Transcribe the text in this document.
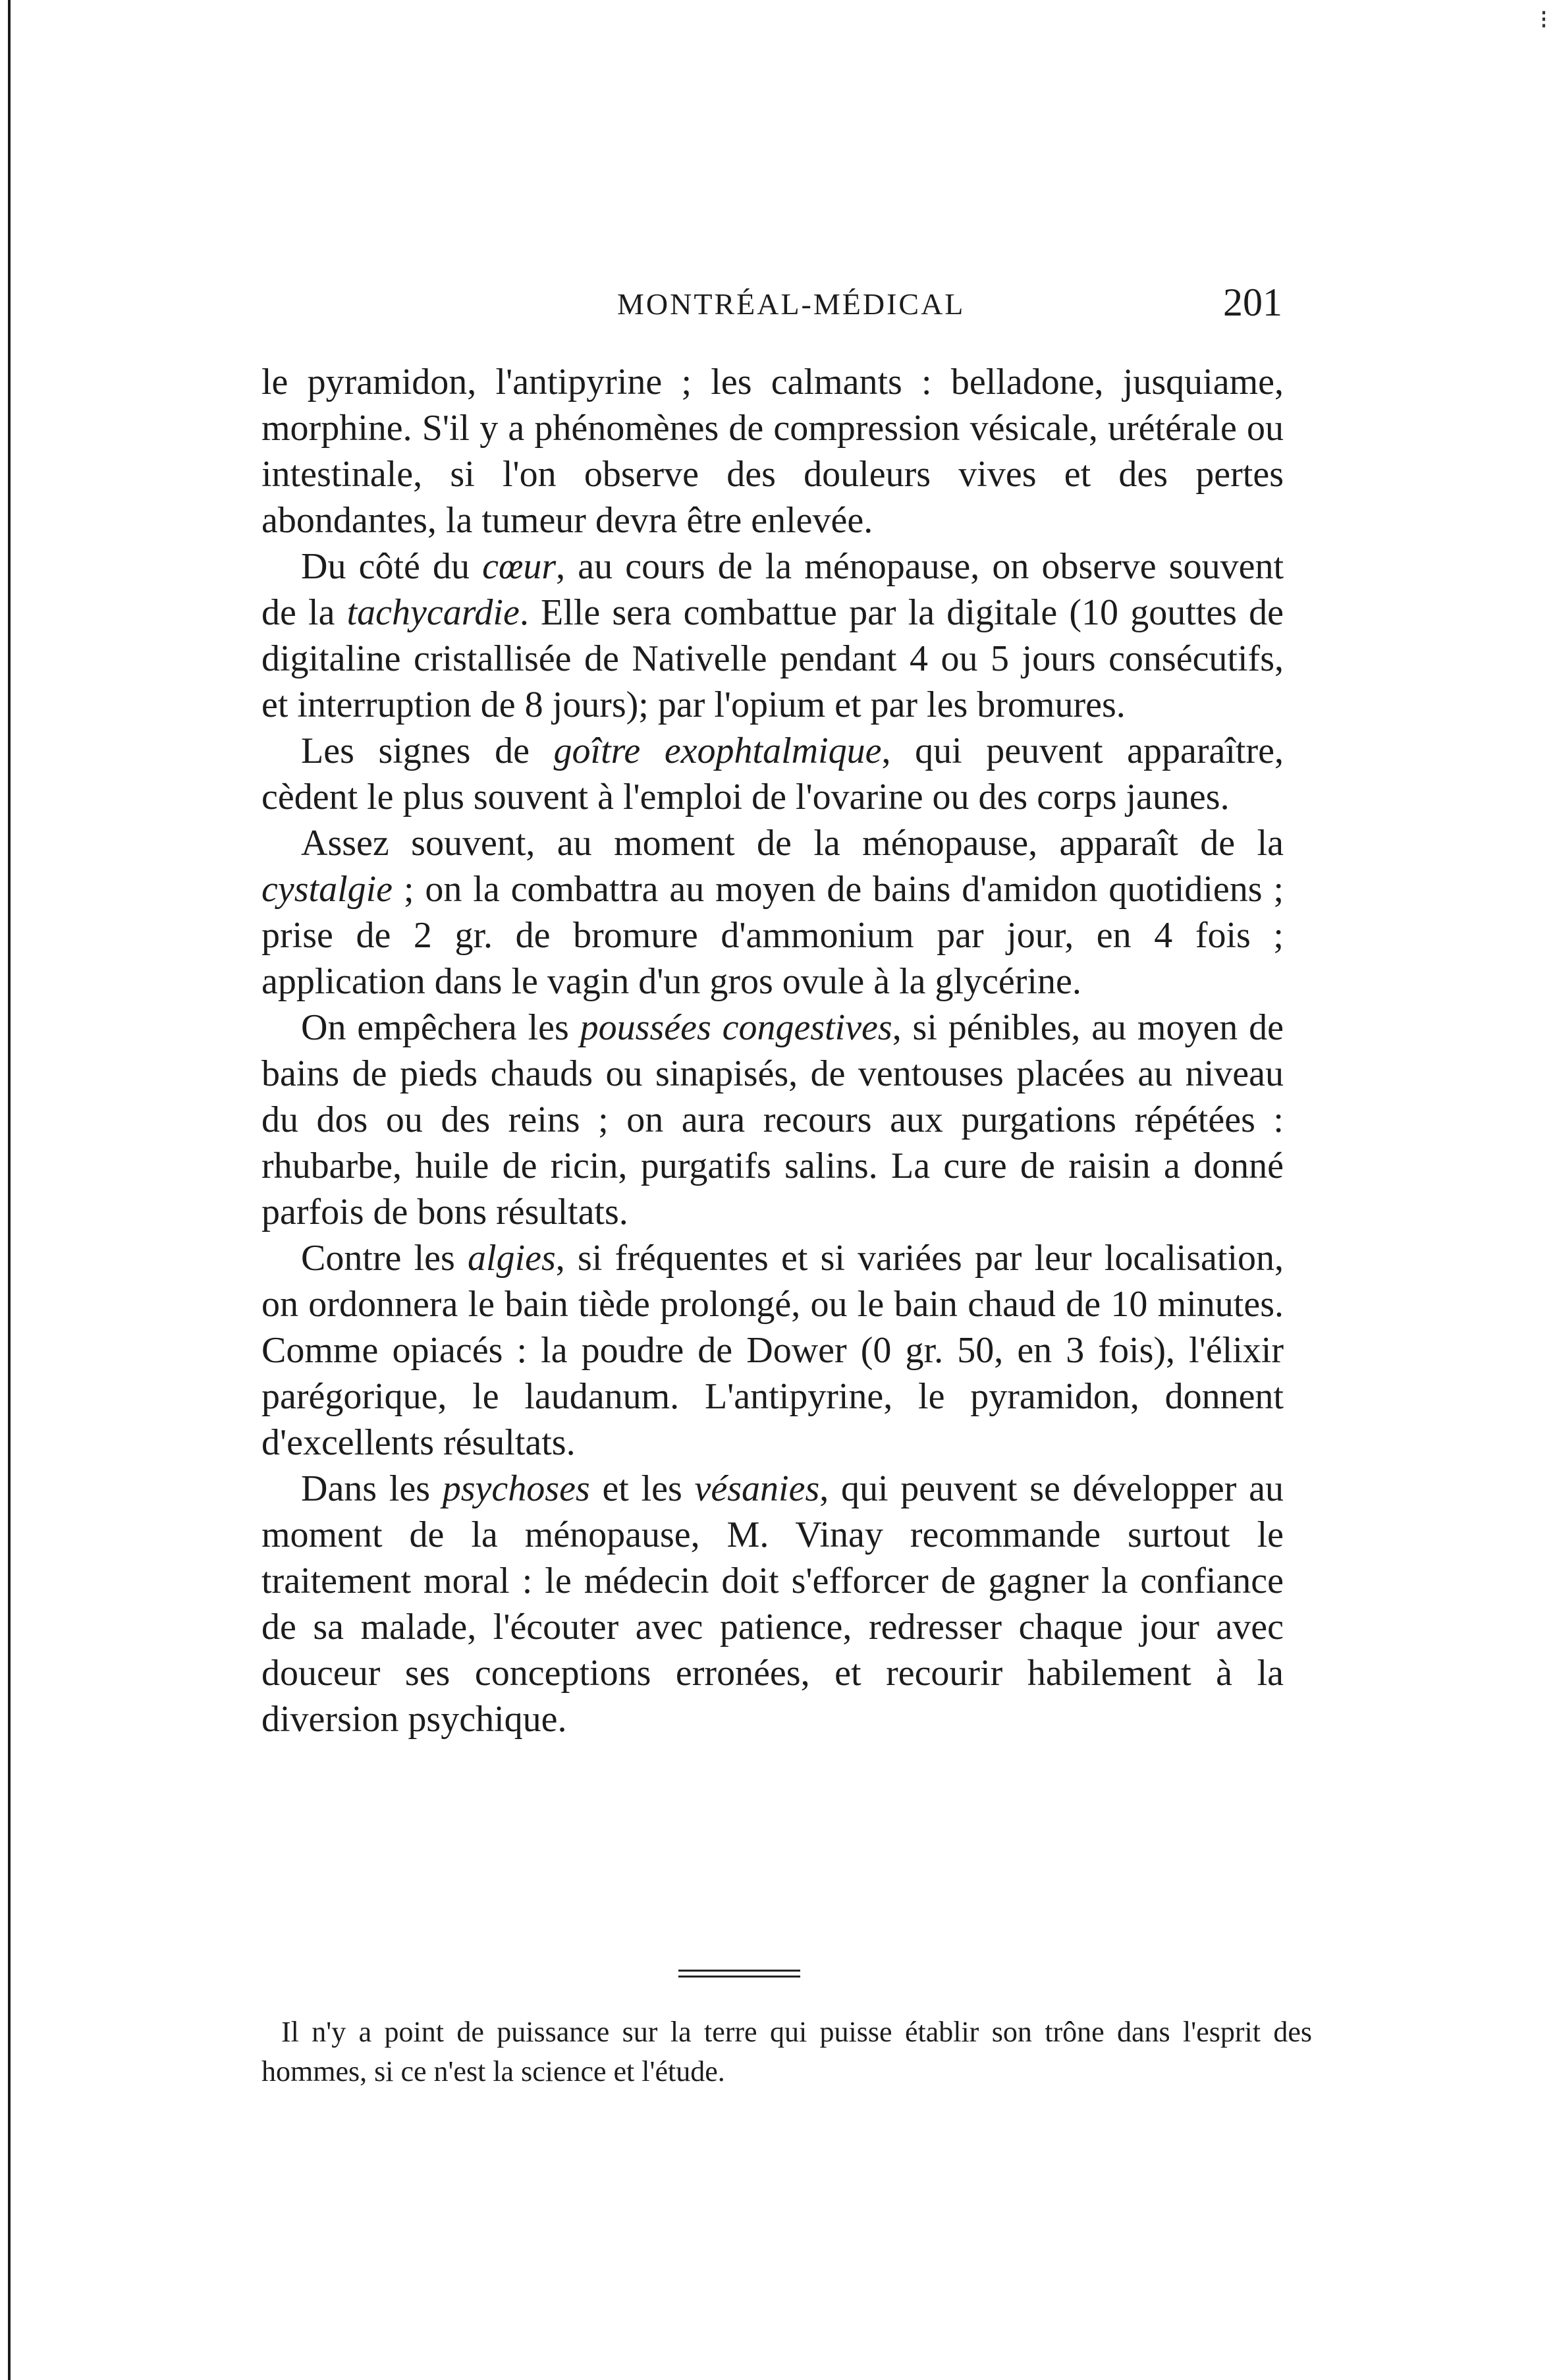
⁝
MONTRÉAL-MÉDICAL	201

le pyramidon, l'antipyrine ; les calmants : belladone, jusquiame, morphine. S'il y a phénomènes de compression vésicale, urétérale ou intestinale, si l'on observe des douleurs vives et des pertes abondantes, la tumeur devra être enlevée.

Du côté du cœur, au cours de la ménopause, on observe souvent de la tachycardie. Elle sera combattue par la digitale (10 gouttes de digitaline cristallisée de Nativelle pendant 4 ou 5 jours consécutifs, et interruption de 8 jours); par l'opium et par les bromures.

Les signes de goître exophtalmique, qui peuvent apparaître, cèdent le plus souvent à l'emploi de l'ovarine ou des corps jaunes.

Assez souvent, au moment de la ménopause, apparaît de la cystalgie ; on la combattra au moyen de bains d'amidon quotidiens ; prise de 2 gr. de bromure d'ammonium par jour, en 4 fois ; application dans le vagin d'un gros ovule à la glycérine.

On empêchera les poussées congestives, si pénibles, au moyen de bains de pieds chauds ou sinapisés, de ventouses placées au niveau du dos ou des reins ; on aura recours aux purgations répétées : rhubarbe, huile de ricin, purgatifs salins. La cure de raisin a donné parfois de bons résultats.

Contre les algies, si fréquentes et si variées par leur localisation, on ordonnera le bain tiède prolongé, ou le bain chaud de 10 minutes. Comme opiacés : la poudre de Dower (0 gr. 50, en 3 fois), l'élixir parégorique, le laudanum. L'antipyrine, le pyramidon, donnent d'excellents résultats.

Dans les psychoses et les vésanies, qui peuvent se développer au moment de la ménopause, M. Vinay recommande surtout le traitement moral : le médecin doit s'efforcer de gagner la confiance de sa malade, l'écouter avec patience, redresser chaque jour avec douceur ses conceptions erronées, et recourir habilement à la diversion psychique.

Il n'y a point de puissance sur la terre qui puisse établir son trône dans l'esprit des hommes, si ce n'est la science et l'étude.
